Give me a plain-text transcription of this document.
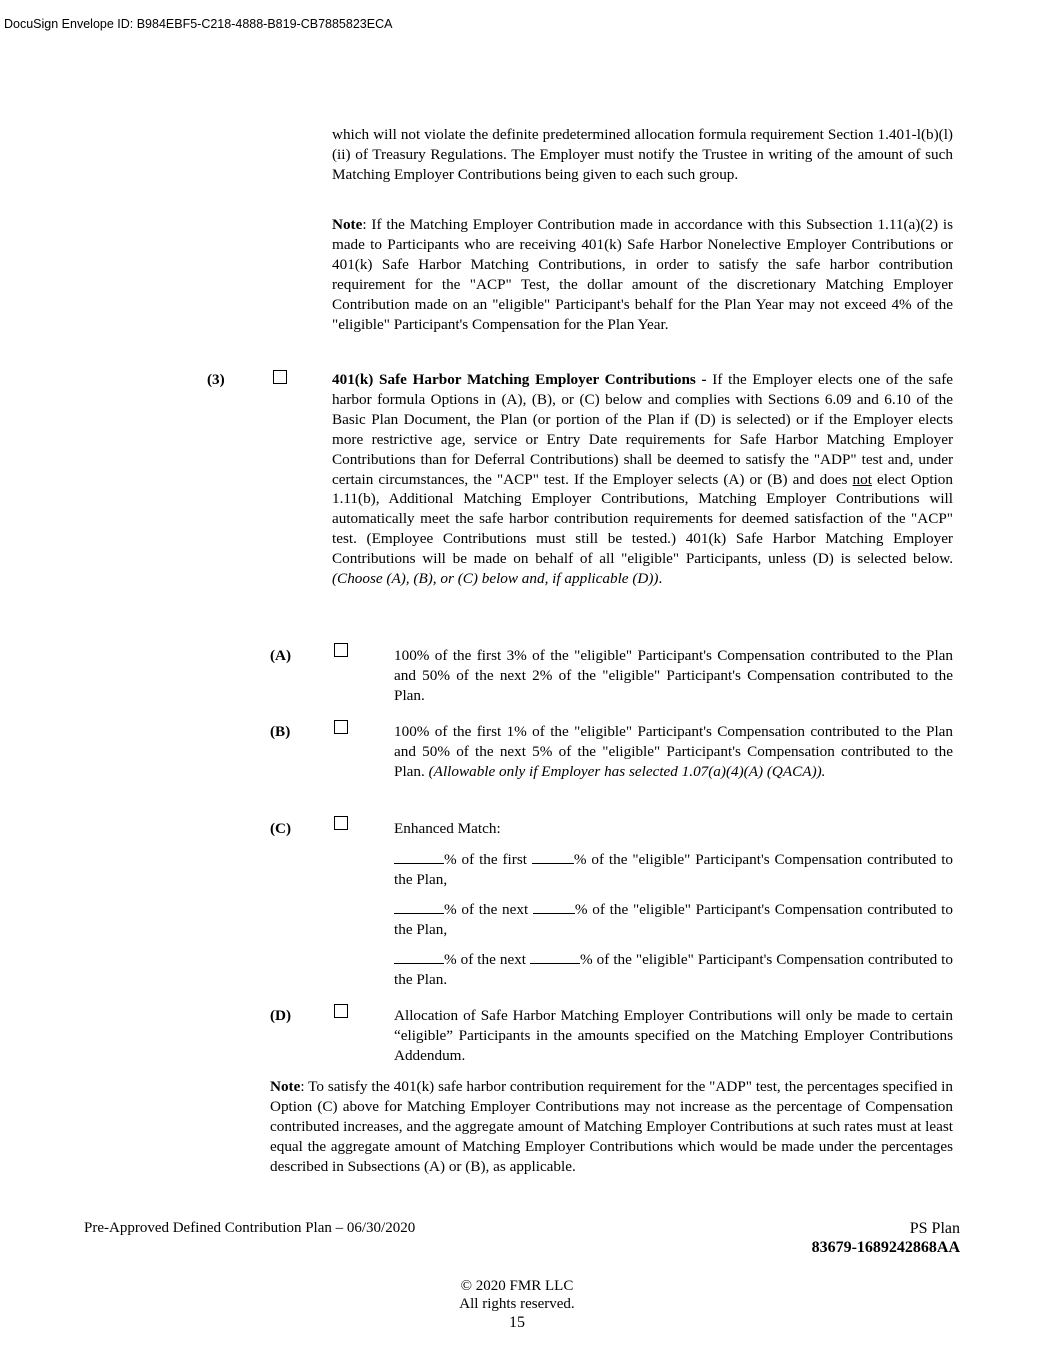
DocuSign Envelope ID: B984EBF5-C218-4888-B819-CB7885823ECA

which will not violate the definite predetermined allocation formula requirement Section 1.401-l(b)(l)(ii) of Treasury Regulations. The Employer must notify the Trustee in writing of the amount of such Matching Employer Contributions being given to each such group.

Note: If the Matching Employer Contribution made in accordance with this Subsection 1.11(a)(2) is made to Participants who are receiving 401(k) Safe Harbor Nonelective Employer Contributions or 401(k) Safe Harbor Matching Contributions, in order to satisfy the safe harbor contribution requirement for the "ACP" Test, the dollar amount of the discretionary Matching Employer Contribution made on an "eligible" Participant's behalf for the Plan Year may not exceed 4% of the "eligible" Participant's Compensation for the Plan Year.

(3)	401(k) Safe Harbor Matching Employer Contributions - If the Employer elects one of the safe harbor formula Options in (A), (B), or (C) below and complies with Sections 6.09 and 6.10 of the Basic Plan Document, the Plan (or portion of the Plan if (D) is selected) or if the Employer elects more restrictive age, service or Entry Date requirements for Safe Harbor Matching Employer Contributions than for Deferral Contributions) shall be deemed to satisfy the "ADP" test and, under certain circumstances, the "ACP" test. If the Employer selects (A) or (B) and does not elect Option 1.11(b), Additional Matching Employer Contributions, Matching Employer Contributions will automatically meet the safe harbor contribution requirements for deemed satisfaction of the "ACP" test. (Employee Contributions must still be tested.) 401(k) Safe Harbor Matching Employer Contributions will be made on behalf of all "eligible" Participants, unless (D) is selected below. (Choose (A), (B), or (C) below and, if applicable (D)).

(A)	100% of the first 3% of the "eligible" Participant's Compensation contributed to the Plan and 50% of the next 2% of the "eligible" Participant's Compensation contributed to the Plan.

(B)	100% of the first 1% of the "eligible" Participant's Compensation contributed to the Plan and 50% of the next 5% of the "eligible" Participant's Compensation contributed to the Plan. (Allowable only if Employer has selected 1.07(a)(4)(A) (QACA)).

(C)	Enhanced Match:

% of the first	% of the "eligible" Participant's Compensation contributed to the Plan,

% of the next	% of the "eligible" Participant's Compensation contributed to the Plan,

% of the next	% of the "eligible" Participant's Compensation contributed to the Plan.

(D)	Allocation of Safe Harbor Matching Employer Contributions will only be made to certain “eligible” Participants in the amounts specified on the Matching Employer Contributions Addendum.

Note: To satisfy the 401(k) safe harbor contribution requirement for the "ADP" test, the percentages specified in Option (C) above for Matching Employer Contributions may not increase as the percentage of Compensation contributed increases, and the aggregate amount of Matching Employer Contributions at such rates must at least equal the aggregate amount of Matching Employer Contributions which would be made under the percentages described in Subsections (A) or (B), as applicable.

Pre-Approved Defined Contribution Plan – 06/30/2020	PS Plan
83679-1689242868AA
© 2020 FMR LLC
All rights reserved.
15
